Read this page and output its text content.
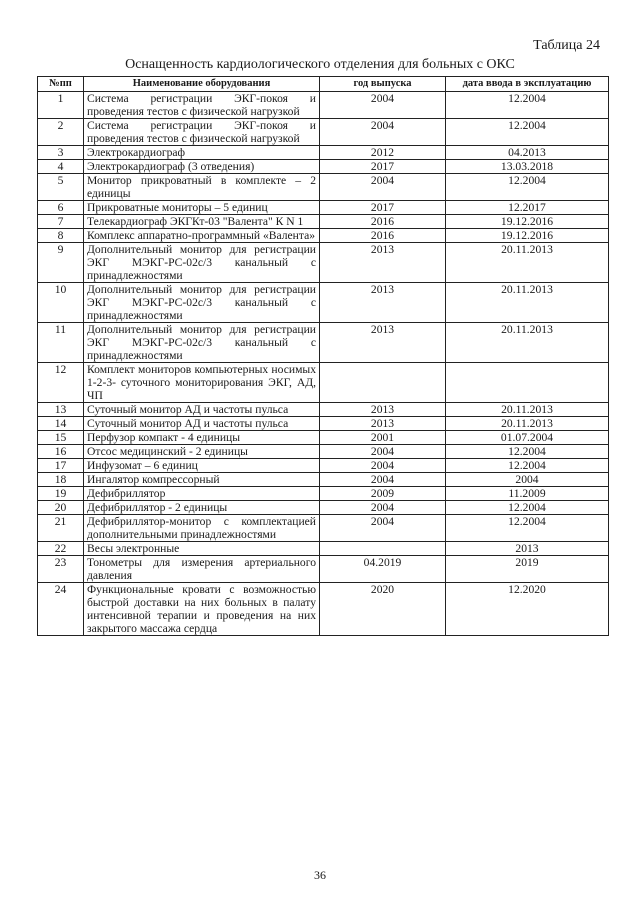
Таблица 24
Оснащенность кардиологического отделения для больных с ОКС
№пп	Наименование оборудования	год выпуска	дата ввода в эксплуатацию
1	Система регистрации ЭКГ-покоя и проведения тестов с физической нагрузкой	2004	12.2004
2	Система регистрации ЭКГ-покоя и проведения тестов с физической нагрузкой	2004	12.2004
3	Электрокардиограф	2012	04.2013
4	Электрокардиограф (3 отведения)	2017	13.03.2018
5	Монитор прикроватный в комплекте – 2 единицы	2004	12.2004
6	Прикроватные мониторы – 5 единиц	2017	12.2017
7	Телекардиограф ЭКГКт-03 "Валента" К N 1	2016	19.12.2016
8	Комплекс аппаратно-программный «Валента»	2016	19.12.2016
9	Дополнительный монитор для регистрации ЭКГ МЭКГ-РС-02с/3 канальный с принадлежностями	2013	20.11.2013
10	Дополнительный монитор для регистрации ЭКГ МЭКГ-РС-02с/3 канальный с принадлежностями	2013	20.11.2013
11	Дополнительный монитор для регистрации ЭКГ МЭКГ-РС-02с/3 канальный с принадлежностями	2013	20.11.2013
12	Комплект мониторов компьютерных носимых 1-2-3- суточного мониторирования ЭКГ, АД, ЧП		
13	Суточный монитор АД и частоты пульса	2013	20.11.2013
14	Суточный монитор АД и частоты пульса	2013	20.11.2013
15	Перфузор компакт - 4 единицы	2001	01.07.2004
16	Отсос медицинский - 2 единицы	2004	12.2004
17	Инфузомат – 6 единиц	2004	12.2004
18	Ингалятор компрессорный	2004	2004
19	Дефибриллятор	2009	11.2009
20	Дефибриллятор - 2 единицы	2004	12.2004
21	Дефибриллятор-монитор с комплектацией дополнительными принадлежностями	2004	12.2004
22	Весы электронные		2013
23	Тонометры для измерения артериального давления	04.2019	2019
24	Функциональные кровати с возможностью быстрой доставки на них больных в палату интенсивной терапии и проведения на них закрытого массажа сердца	2020	12.2020
36
